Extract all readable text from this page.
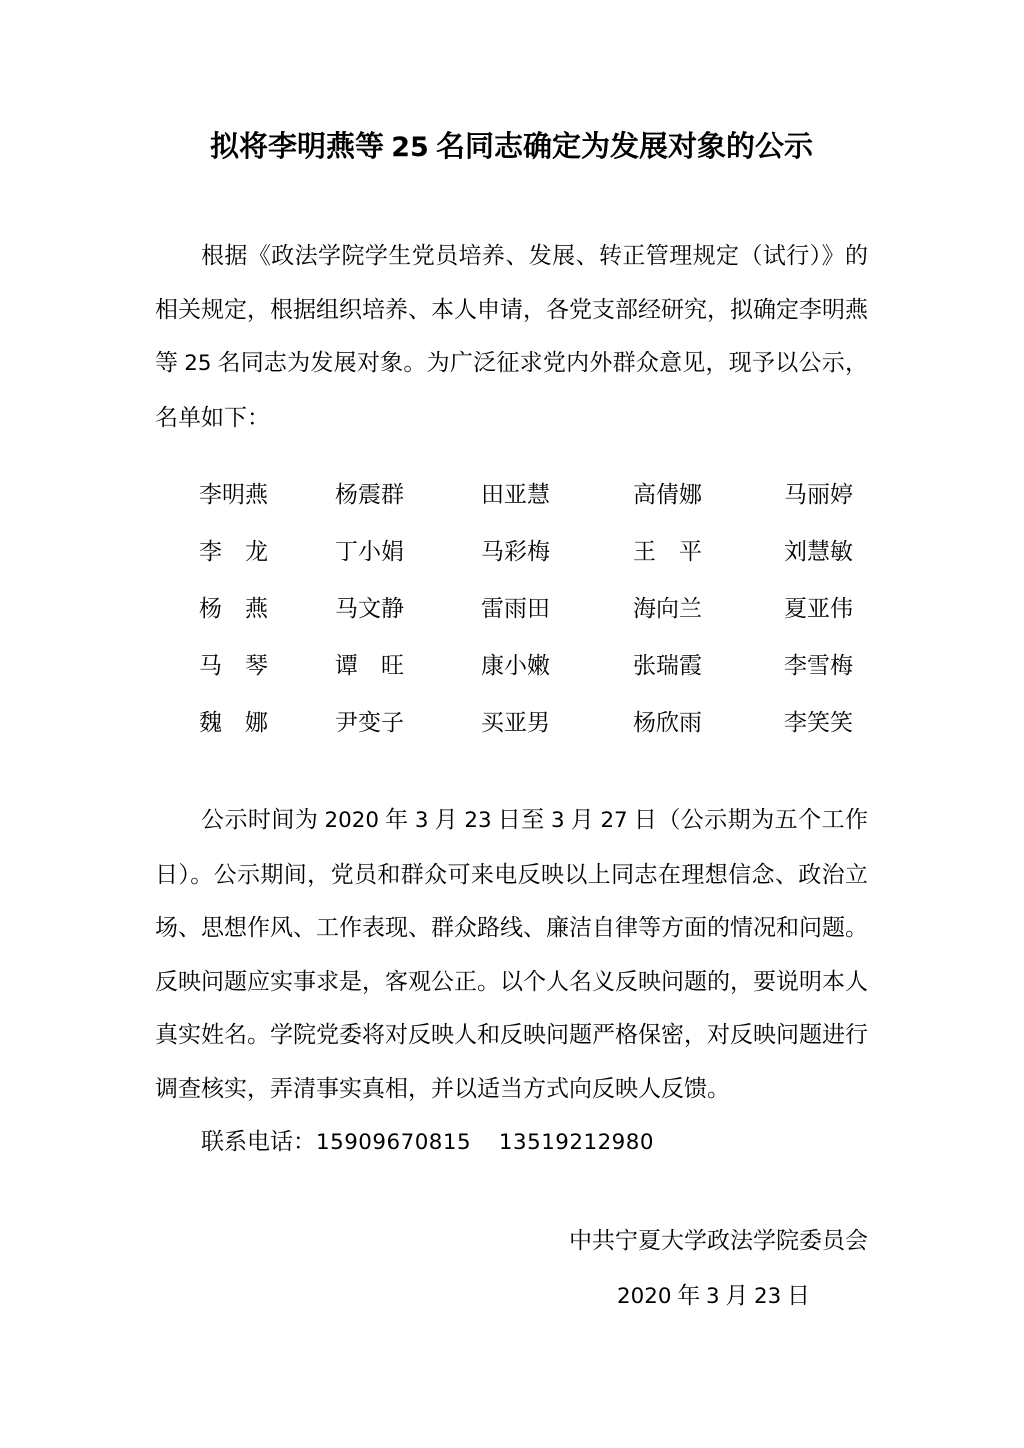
拟将李明燕等 25 名同志确定为发展对象的公示

根据《政法学院学生党员培养、发展、转正管理规定（试行）》的相关规定，根据组织培养、本人申请，各党支部经研究，拟确定李明燕等 25 名同志为发展对象。为广泛征求党内外群众意见，现予以公示，名单如下：

李明燕	杨震群	田亚慧	高倩娜	马丽婷
李　龙	丁小娟	马彩梅	王　平	刘慧敏
杨　燕	马文静	雷雨田	海向兰	夏亚伟
马　琴	谭　旺	康小嫩	张瑞霞	李雪梅
魏　娜	尹变子	买亚男	杨欣雨	李笑笑

公示时间为 2020 年 3 月 23 日至 3 月 27 日（公示期为五个工作日）。公示期间，党员和群众可来电反映以上同志在理想信念、政治立场、思想作风、工作表现、群众路线、廉洁自律等方面的情况和问题。反映问题应实事求是，客观公正。以个人名义反映问题的，要说明本人真实姓名。学院党委将对反映人和反映问题严格保密，对反映问题进行调查核实，弄清事实真相，并以适当方式向反映人反馈。

联系电话：15909670815 13519212980

中共宁夏大学政法学院委员会
2020 年 3 月 23 日
